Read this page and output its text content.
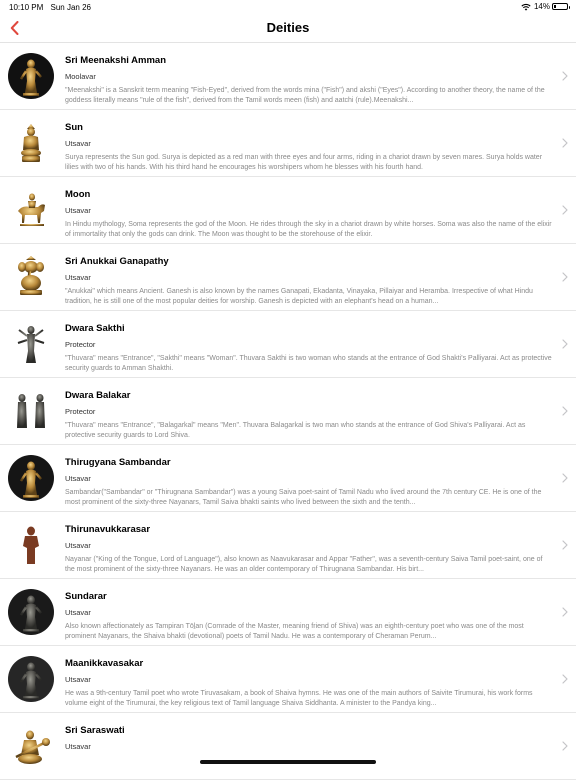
10:10 PM Sun Jan 26	14%
Deities
Sri Meenakshi Amman
Moolavar
"Meenakshi" is a Sanskrit term meaning "Fish-Eyed", derived from the words mina ("Fish") and akshi ("Eyes"). According to another theory, the name of the goddess literally means "rule of the fish", derived from the Tamil words meen (fish) and aatchi (rule).Meenakshi...
Sun
Utsavar
Surya represents the Sun god. Surya is depicted as a red man with three eyes and four arms, riding in a chariot drawn by seven mares. Surya holds water lilies with two of his hands. With his third hand he encourages his worshipers whom he blesses with his fourth hand.
Moon
Utsavar
In Hindu mythology, Soma represents the god of the Moon. He rides through the sky in a chariot drawn by white horses. Soma was also the name of the elixir of immortality that only the gods can drink. The Moon was thought to be the storehouse of the elixir.
Sri Anukkai Ganapathy
Utsavar
"Anukkai" which means Ancient. Ganesh is also known by the names Ganapati, Ekadanta, Vinayaka, Pillaiyar and Heramba. Irrespective of what Hindu tradition, he is still one of the most popular deities for worship. Ganesh is depicted with an elephant's head on a human...
Dwara Sakthi
Protector
"Thuvara" means "Entrance", "Sakthi" means "Woman". Thuvara Sakthi is two woman who stands at the entrance of God Shakti's Palliyarai. Act as protective security guards to Amman Shakthi.
Dwara Balakar
Protector
"Thuvara" means "Entrance", "Balagarkal" means "Men". Thuvara Balagarkal is two man who stands at the entrance of God Shiva's Palliyarai. Act as protective security guards to Lord Shiva.
Thirugyana Sambandar
Utsavar
Sambandar("Sambandar" or "Thirugnana Sambandar") was a young Saiva poet-saint of Tamil Nadu who lived around the 7th century CE. He is one of the most prominent of the sixty-three Nayanars, Tamil Saiva bhakti saints who lived between the sixth and the tenth...
Thirunavukkarasar
Utsavar
Nayanar ("King of the Tongue, Lord of Language"), also known as Naavukarasar and Appar "Father", was a seventh-century Śaiva Tamil poet-saint, one of the most prominent of the sixty-three Nayanars. He was an older contemporary of Thirugnana Sambandar. His birt...
Sundarar
Utsavar
Also known affectionately as Tampiran Tōḻan (Comrade of the Master, meaning friend of Shiva) was an eighth-century poet who was one of the most prominent Nayanars, the Shaiva bhakti (devotional) poets of Tamil Nadu. He was a contemporary of Cheraman Perum...
Maanikkavasakar
Utsavar
He was a 9th-century Tamil poet who wrote Tiruvasakam, a book of Shaiva hymns. He was one of the main authors of Saivite Tirumurai, his work forms volume eight of the Tirumurai, the key religious text of Tamil language Shaiva Siddhanta. A minister to the Pandya king...
Sri Saraswati
Utsavar
